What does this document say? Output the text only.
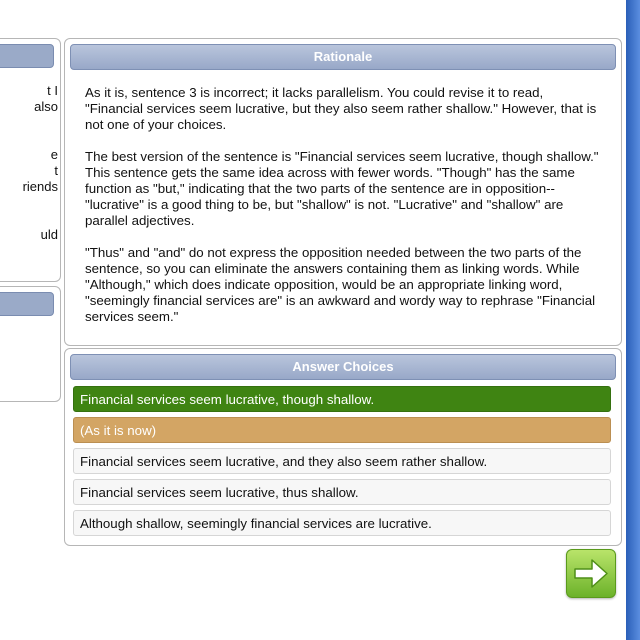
t I
also

e
t
riends

uld
Rationale

As it is, sentence 3 is incorrect; it lacks parallelism. You could revise it to read, "Financial services seem lucrative, but they also seem rather shallow." However, that is not one of your choices.

The best version of the sentence is "Financial services seem lucrative, though shallow." This sentence gets the same idea across with fewer words. "Though" has the same function as "but," indicating that the two parts of the sentence are in opposition--"lucrative" is a good thing to be, but "shallow" is not. "Lucrative" and "shallow" are parallel adjectives.

"Thus" and "and" do not express the opposition needed between the two parts of the sentence, so you can eliminate the answers containing them as linking words. While "Although," which does indicate opposition, would be an appropriate linking word, "seemingly financial services are" is an awkward and wordy way to rephrase "Financial services seem."

Answer Choices
Financial services seem lucrative, though shallow.
(As it is now)
Financial services seem lucrative, and they also seem rather shallow.
Financial services seem lucrative, thus shallow.
Although shallow, seemingly financial services are lucrative.
